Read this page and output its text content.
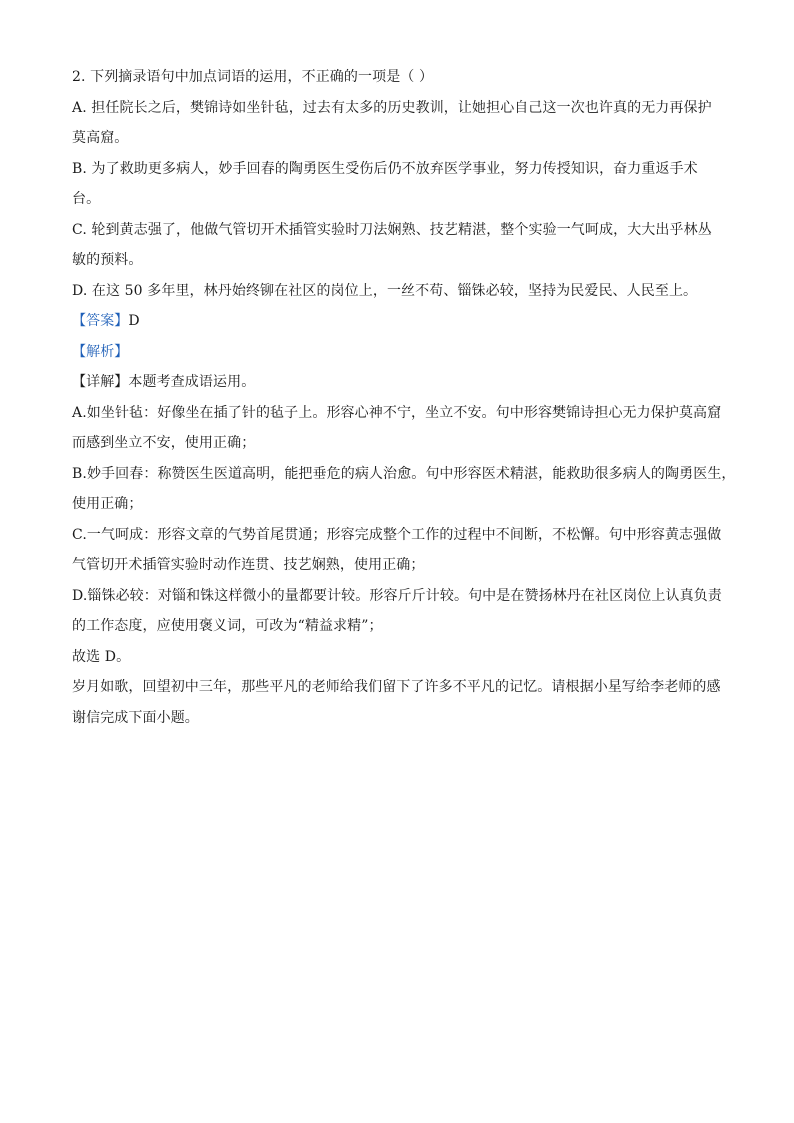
2. 下列摘录语句中加点词语的运用，不正确的一项是（ ）
A. 担任院长之后，樊锦诗如坐针毡，过去有太多的历史教训，让她担心自己这一次也许真的无力再保护
莫高窟。
B. 为了救助更多病人，妙手回春的陶勇医生受伤后仍不放弃医学事业，努力传授知识，奋力重返手术
台。
C. 轮到黄志强了，他做气管切开术插管实验时刀法娴熟、技艺精湛，整个实验一气呵成，大大出乎林丛
敏的预料。
D. 在这 50 多年里，林丹始终铆在社区的岗位上，一丝不苟、锱铢必较，坚持为民爱民、人民至上。
【答案】D
【解析】
【详解】本题考查成语运用。
A.如坐针毡：好像坐在插了针的毡子上。形容心神不宁，坐立不安。句中形容樊锦诗担心无力保护莫高窟
而感到坐立不安，使用正确；
B.妙手回春：称赞医生医道高明，能把垂危的病人治愈。句中形容医术精湛，能救助很多病人的陶勇医生，
使用正确；
C.一气呵成：形容文章的气势首尾贯通；形容完成整个工作的过程中不间断，不松懈。句中形容黄志强做
气管切开术插管实验时动作连贯、技艺娴熟，使用正确；
D.锱铢必较：对锱和铢这样微小的量都要计较。形容斤斤计较。句中是在赞扬林丹在社区岗位上认真负责
的工作态度，应使用褒义词，可改为“精益求精”；
故选 D。
岁月如歌，回望初中三年，那些平凡的老师给我们留下了许多不平凡的记忆。请根据小星写给李老师的感
谢信完成下面小题。
